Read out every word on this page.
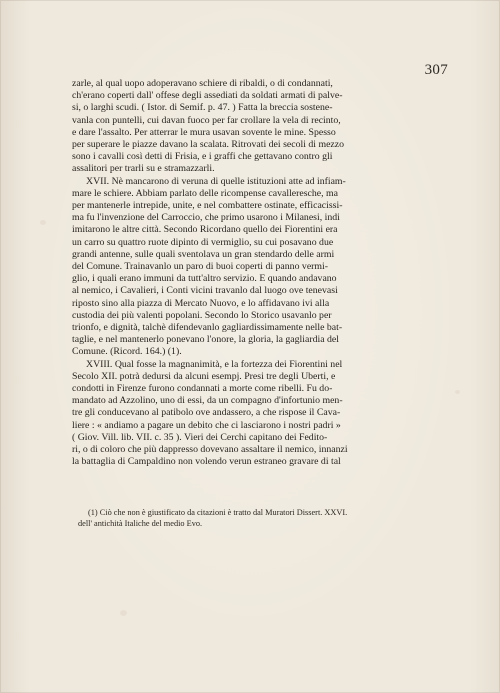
307
zarle, al qual uopo adoperavano schiere di ribaldi, o di condannati,
ch'erano coperti dall' offese degli assediati da soldati armati di palve-
si, o larghi scudi. ( Istor. di Semif. p. 47. ) Fatta la breccia sostene-
vanla con puntelli, cui davan fuoco per far crollare la vela di recinto,
e dare l'assalto. Per atterrar le mura usavan sovente le mine. Spesso
per superare le piazze davano la scalata. Ritrovati dei secoli di mezzo
sono i cavalli così detti di Frisia, e i graffi che gettavano contro gli
assalitori per trarli su e stramazzarli.
XVII. Nè mancarono di veruna di quelle istituzioni atte ad infiam-
mare le schiere. Abbiam parlato delle ricompense cavalleresche, ma
per mantenerle intrepide, unite, e nel combattere ostinate, efficacissi-
ma fu l'invenzione del Carroccio, che primo usarono i Milanesi, indi
imitarono le altre città. Secondo Ricordano quello dei Fiorentini era
un carro su quattro ruote dipinto di vermiglio, su cui posavano due
grandi antenne, sulle quali sventolava un gran stendardo delle armi
del Comune. Trainavanlo un paro di buoi coperti di panno vermi-
glio, i quali erano immuni da tutt'altro servizio. E quando andavano
al nemico, i Cavalieri, i Conti vicini travanlo dal luogo ove tenevasi
riposto sino alla piazza di Mercato Nuovo, e lo affidavano ivi alla
custodia dei più valenti popolani. Secondo lo Storico usavanlo per
trionfo, e dignità, talchè difendevanlo gagliardissimamente nelle bat-
taglie, e nel mantenerlo ponevano l'onore, la gloria, la gagliardia del
Comune. (Ricord. 164.) (1).
XVIII. Qual fosse la magnanimità, e la fortezza dei Fiorentini nel
Secolo XII. potrà dedursi da alcuni esempj. Presi tre degli Uberti, e
condotti in Firenze furono condannati a morte come ribelli. Fu do-
mandato ad Azzolino, uno di essi, da un compagno d'infortunio men-
tre gli conducevano al patibolo ove andassero, a che rispose il Cava-
liere : « andiamo a pagare un debito che ci lasciarono i nostri padri »
( Giov. Vill. lib. VII. c. 35 ). Vieri dei Cerchi capitano dei Fedito-
ri, o di coloro che più dappresso dovevano assaltare il nemico, innanzi
la battaglia di Campaldino non volendo verun estraneo gravare di tal
(1) Ciò che non è giustificato da citazioni è tratto dal Muratori Dissert. XXVI.
dell' antichità Italiche del medio Evo.
